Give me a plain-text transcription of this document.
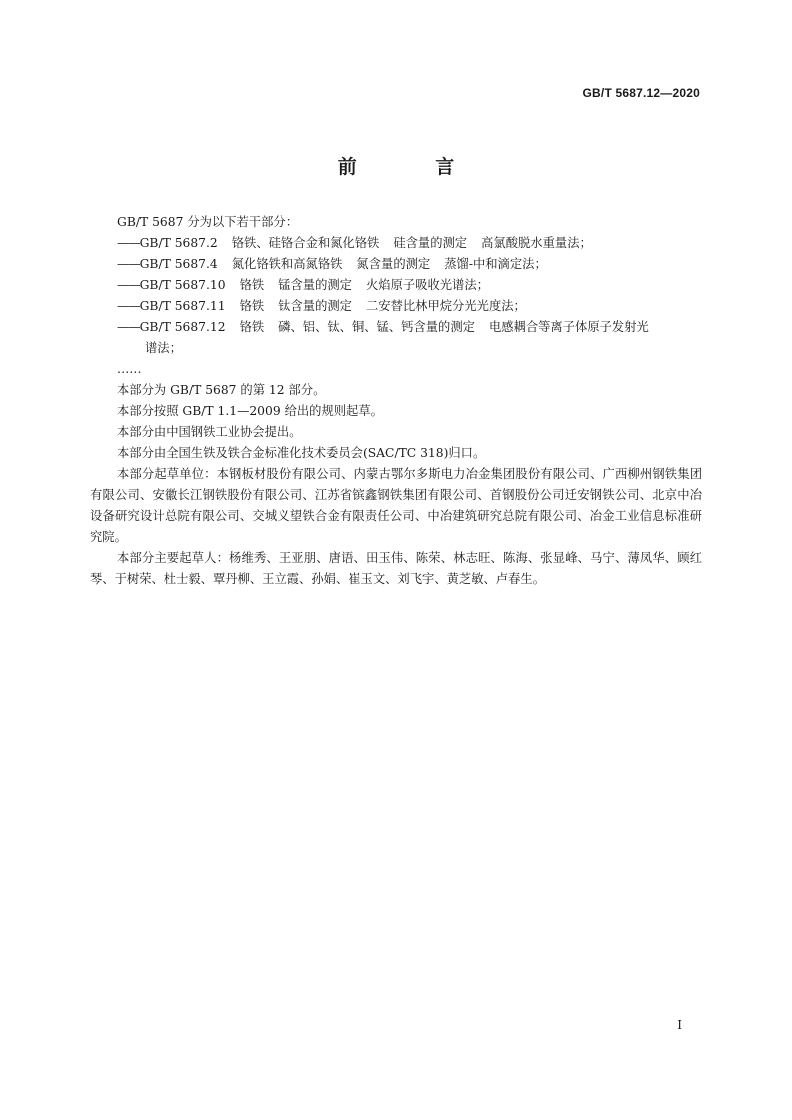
GB/T 5687.12—2020
前 言
GB/T 5687 分为以下若干部分：
——GB/T 5687.2 铬铁、硅铬合金和氮化铬铁 硅含量的测定 高氯酸脱水重量法；
——GB/T 5687.4 氮化铬铁和高氮铬铁 氮含量的测定 蒸馏-中和滴定法；
——GB/T 5687.10 铬铁 锰含量的测定 火焰原子吸收光谱法；
——GB/T 5687.11 铬铁 钛含量的测定 二安替比林甲烷分光光度法；
——GB/T 5687.12 铬铁 磷、铝、钛、铜、锰、钙含量的测定 电感耦合等离子体原子发射光
谱法；
……
本部分为 GB/T 5687 的第 12 部分。
本部分按照 GB/T 1.1—2009 给出的规则起草。
本部分由中国钢铁工业协会提出。
本部分由全国生铁及铁合金标准化技术委员会(SAC/TC 318)归口。
本部分起草单位：本钢板材股份有限公司、内蒙古鄂尔多斯电力冶金集团股份有限公司、广西柳州钢铁集团有限公司、安徽长江钢铁股份有限公司、江苏省镔鑫钢铁集团有限公司、首钢股份公司迁安钢铁公司、北京中冶设备研究设计总院有限公司、交城义望铁合金有限责任公司、中冶建筑研究总院有限公司、冶金工业信息标准研究院。
本部分主要起草人：杨维秀、王亚朋、唐语、田玉伟、陈荣、林志旺、陈海、张显峰、马宁、薄凤华、顾红琴、于树荣、杜士毅、覃丹柳、王立霞、孙娟、崔玉文、刘飞宇、黄芝敏、卢春生。
I
